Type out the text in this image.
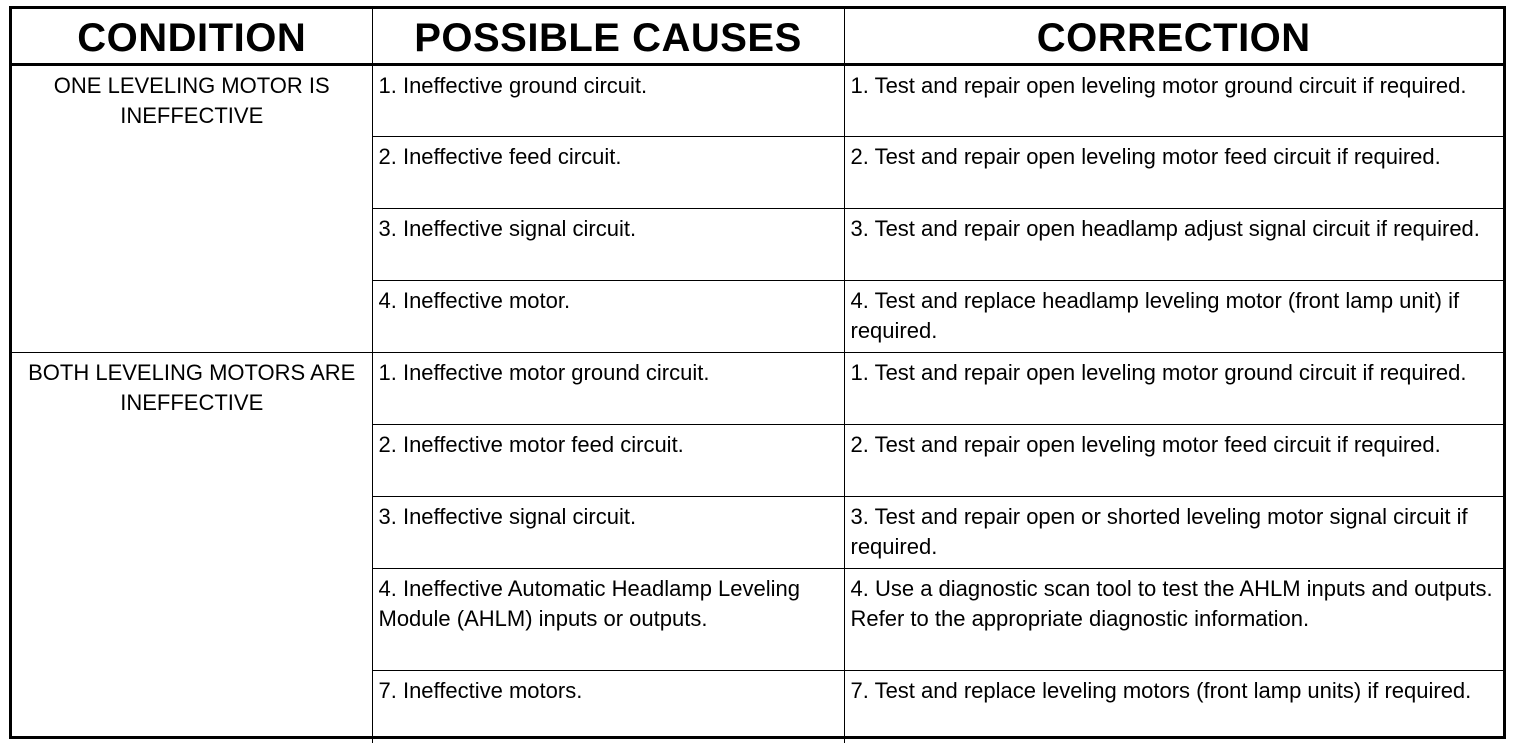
CONDITION	POSSIBLE CAUSES	CORRECTION
ONE LEVELING MOTOR IS INEFFECTIVE	1. Ineffective ground circuit.	1. Test and repair open leveling motor ground circuit if required.
	2. Ineffective feed circuit.	2. Test and repair open leveling motor feed circuit if required.
	3. Ineffective signal circuit.	3. Test and repair open headlamp adjust signal circuit if required.
	4. Ineffective motor.	4. Test and replace headlamp leveling motor (front lamp unit) if required.
BOTH LEVELING MOTORS ARE INEFFECTIVE	1. Ineffective motor ground circuit.	1. Test and repair open leveling motor ground circuit if required.
	2. Ineffective motor feed circuit.	2. Test and repair open leveling motor feed circuit if required.
	3. Ineffective signal circuit.	3. Test and repair open or shorted leveling motor signal circuit if required.
	4. Ineffective Automatic Headlamp Leveling Module (AHLM) inputs or outputs.	4. Use a diagnostic scan tool to test the AHLM inputs and outputs. Refer to the appropriate diagnostic information.
	7. Ineffective motors.	7. Test and replace leveling motors (front lamp units) if required.
